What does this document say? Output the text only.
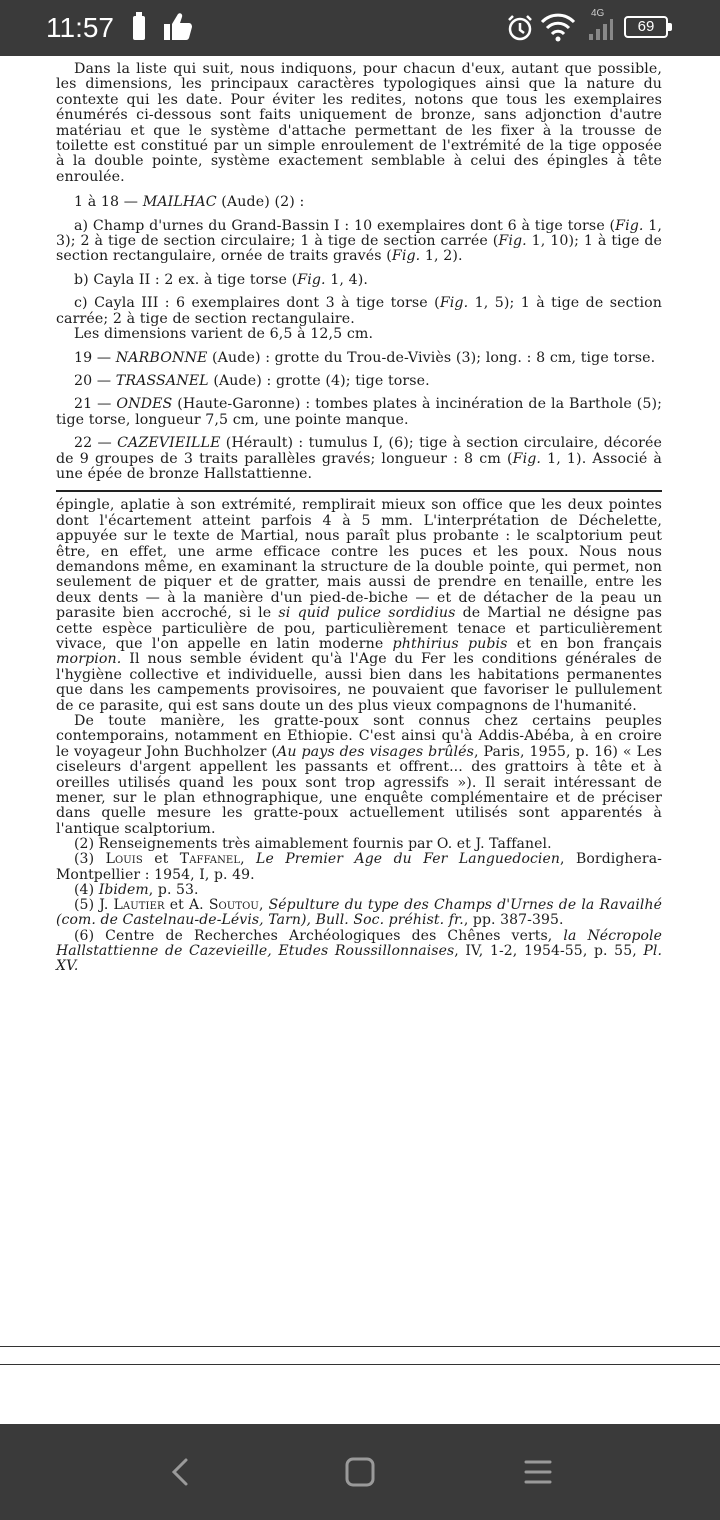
11:57	4G
69

Dans la liste qui suit, nous indiquons, pour chacun d'eux, autant que possible, les dimensions, les principaux caractères typologiques ainsi que la nature du contexte qui les date. Pour éviter les redites, notons que tous les exemplaires énumérés ci-dessous sont faits uniquement de bronze, sans adjonction d'autre matériau et que le système d'attache permettant de les fixer à la trousse de toilette est constitué par un simple enroulement de l'extrémité de la tige opposée à la double pointe, système exactement semblable à celui des épingles à tête enroulée.

1 à 18 — MAILHAC (Aude) (2) :

a) Champ d'urnes du Grand-Bassin I : 10 exemplaires dont 6 à tige torse (Fig. 1, 3); 2 à tige de section circulaire; 1 à tige de section carrée (Fig. 1, 10); 1 à tige de section rectangulaire, ornée de traits gravés (Fig. 1, 2).

b) Cayla II : 2 ex. à tige torse (Fig. 1, 4).

c) Cayla III : 6 exemplaires dont 3 à tige torse (Fig. 1, 5); 1 à tige de section carrée; 2 à tige de section rectangulaire.

Les dimensions varient de 6,5 à 12,5 cm.

19 — NARBONNE (Aude) : grotte du Trou-de-Viviès (3); long. : 8 cm, tige torse.

20 — TRASSANEL (Aude) : grotte (4); tige torse.

21 — ONDES (Haute-Garonne) : tombes plates à incinération de la Barthole (5); tige torse, longueur 7,5 cm, une pointe manque.

22 — CAZEVIEILLE (Hérault) : tumulus I, (6); tige à section circulaire, décorée de 9 groupes de 3 traits parallèles gravés; longueur : 8 cm (Fig. 1, 1). Associé à une épée de bronze Hallstattienne.

épingle, aplatie à son extrémité, remplirait mieux son office que les deux pointes dont l'écartement atteint parfois 4 à 5 mm. L'interprétation de Déchelette, appuyée sur le texte de Martial, nous paraît plus probante : le scalptorium peut être, en effet, une arme efficace contre les puces et les poux. Nous nous demandons même, en examinant la structure de la double pointe, qui permet, non seulement de piquer et de gratter, mais aussi de prendre en tenaille, entre les deux dents — à la manière d'un pied-de-biche — et de détacher de la peau un parasite bien accroché, si le si quid pulice sordidius de Martial ne désigne pas cette espèce particulière de pou, particulièrement tenace et particulièrement vivace, que l'on appelle en latin moderne phthirius pubis et en bon français morpion. Il nous semble évident qu'à l'Age du Fer les conditions générales de l'hygiène collective et individuelle, aussi bien dans les habitations permanentes que dans les campements provisoires, ne pouvaient que favoriser le pullulement de ce parasite, qui est sans doute un des plus vieux compagnons de l'humanité.

De toute manière, les gratte-poux sont connus chez certains peuples contemporains, notamment en Ethiopie. C'est ainsi qu'à Addis-Abéba, à en croire le voyageur John Buchholzer (Au pays des visages brûlés, Paris, 1955, p. 16) « Les ciseleurs d'argent appellent les passants et offrent... des grattoirs à tête et à oreilles utilisés quand les poux sont trop agressifs »). Il serait intéressant de mener, sur le plan ethnographique, une enquête complémentaire et de préciser dans quelle mesure les gratte-poux actuellement utilisés sont apparentés à l'antique scalptorium.

(2) Renseignements très aimablement fournis par O. et J. Taffanel.

(3) Louis et Taffanel, Le Premier Age du Fer Languedocien, Bordighera-Montpellier : 1954, I, p. 49.

(4) Ibidem, p. 53.

(5) J. Lautier et A. Soutou, Sépulture du type des Champs d'Urnes de la Ravailhé (com. de Castelnau-de-Lévis, Tarn), Bull. Soc. préhist. fr., pp. 387-395.

(6) Centre de Recherches Archéologiques des Chênes verts, la Nécropole Hallstattienne de Cazevieille, Etudes Roussillonnaises, IV, 1-2, 1954-55, p. 55, Pl. XV.
